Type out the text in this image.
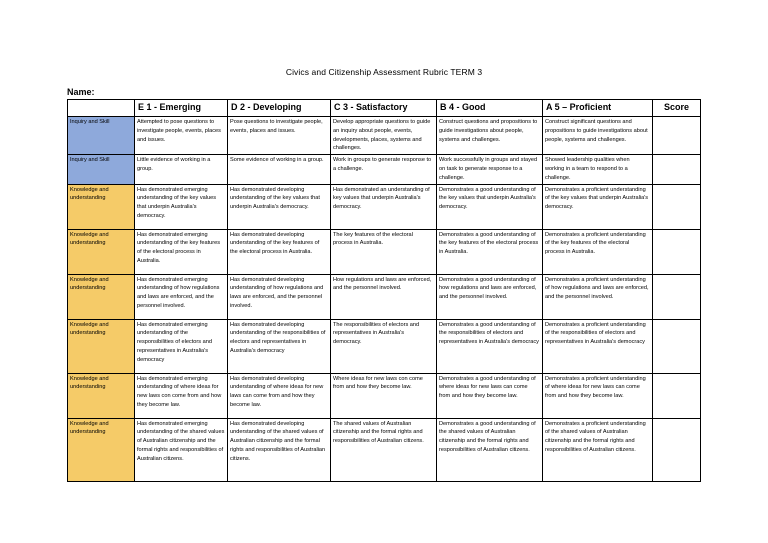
Civics and Citizenship Assessment Rubric TERM 3
Name:
	E 1 - Emerging	D 2 - Developing	C 3 - Satisfactory	B 4 - Good	A 5 – Proficient	Score
Inquiry and Skill	Attempted to pose questions to investigate people, events, places and issues.	Pose questions to investigate people, events, places and issues.	Develop appropriate questions to guide an inquiry about people, events, developments, places, systems and challenges.	Construct questions and propositions to guide investigations about people, systems and challenges.	Construct significant questions and propositions to guide investigations about people, systems and challenges.	
Inquiry and Skill	Little evidence of working in a group.	Some evidence of working in a group.	Work in groups to generate response to a challenge.	Work successfully in groups and stayed on task to generate response to a challenge.	Showed leadership qualities when working in a team to respond to a challenge.	
Knowledge and understanding	Has demonstrated emerging understanding of the key values that underpin Australia's democracy.	Has demonstrated developing understanding of the key values that underpin Australia's democracy.	Has demonstrated an understanding of key values that underpin Australia's democracy.	Demonstrates a good understanding of the key values that underpin Australia's democracy.	Demonstrates a proficient understanding of the key values that underpin Australia's democracy.	
Knowledge and understanding	Has demonstrated emerging understanding of the key features of the electoral process in Australia.	Has demonstrated developing understanding of the key features of the electoral process in Australia.	The key features of the electoral process in Australia.	Demonstrates a good understanding of the key features of the electoral process in Australia.	Demonstrates a proficient understanding of the key features of the electoral process in Australia.	
Knowledge and understanding	Has demonstrated emerging understanding of how regulations and laws are enforced, and the personnel involved.	Has demonstrated developing understanding of how regulations and laws are enforced, and the personnel involved.	How regulations and laws are enforced, and the personnel involved.	Demonstrates a good understanding of how regulations and laws are enforced, and the personnel involved.	Demonstrates a proficient understanding of how regulations and laws are enforced, and the personnel involved.	
Knowledge and understanding	Has demonstrated emerging understanding of the responsibilities of electors and representatives in Australia's democracy	Has demonstrated developing understanding of the responsibilities of electors and representatives in Australia's democracy	The responsibilities of electors and representatives in Australia's democracy.	Demonstrates a good understanding of the responsibilities of electors and representatives in Australia's democracy	Demonstrates a proficient understanding of the responsibilities of electors and representatives in Australia's democracy	
Knowledge and understanding	Has demonstrated emerging understanding of where ideas for new laws con come from and how they become law.	Has demonstrated developing understanding of where ideas for new laws can come from and how they become law.	Where ideas for new laws con come from and how they become law.	Demonstrates a good understanding of where ideas for new laws can come from and how they become law.	Demonstrates a proficient understanding of where ideas for new laws can come from and how they become law.	
Knowledge and understanding	Has demonstrated emerging understanding of the shared values of Australian citizenship and the formal rights and responsibilities of Australian citizens.	Has demonstrated developing understanding of the shared values of Australian citizenship and the formal rights and responsibilities of Australian citizens.	The shared values of Australian citizenship and the formal rights and responsibilities of Australian citizens.	Demonstrates a good understanding of the shared values of Australian citizenship and the formal rights and responsibilities of Australian citizens.	Demonstrates a proficient understanding of the shared values of Australian citizenship and the formal rights and responsibilities of Australian citizens.	
